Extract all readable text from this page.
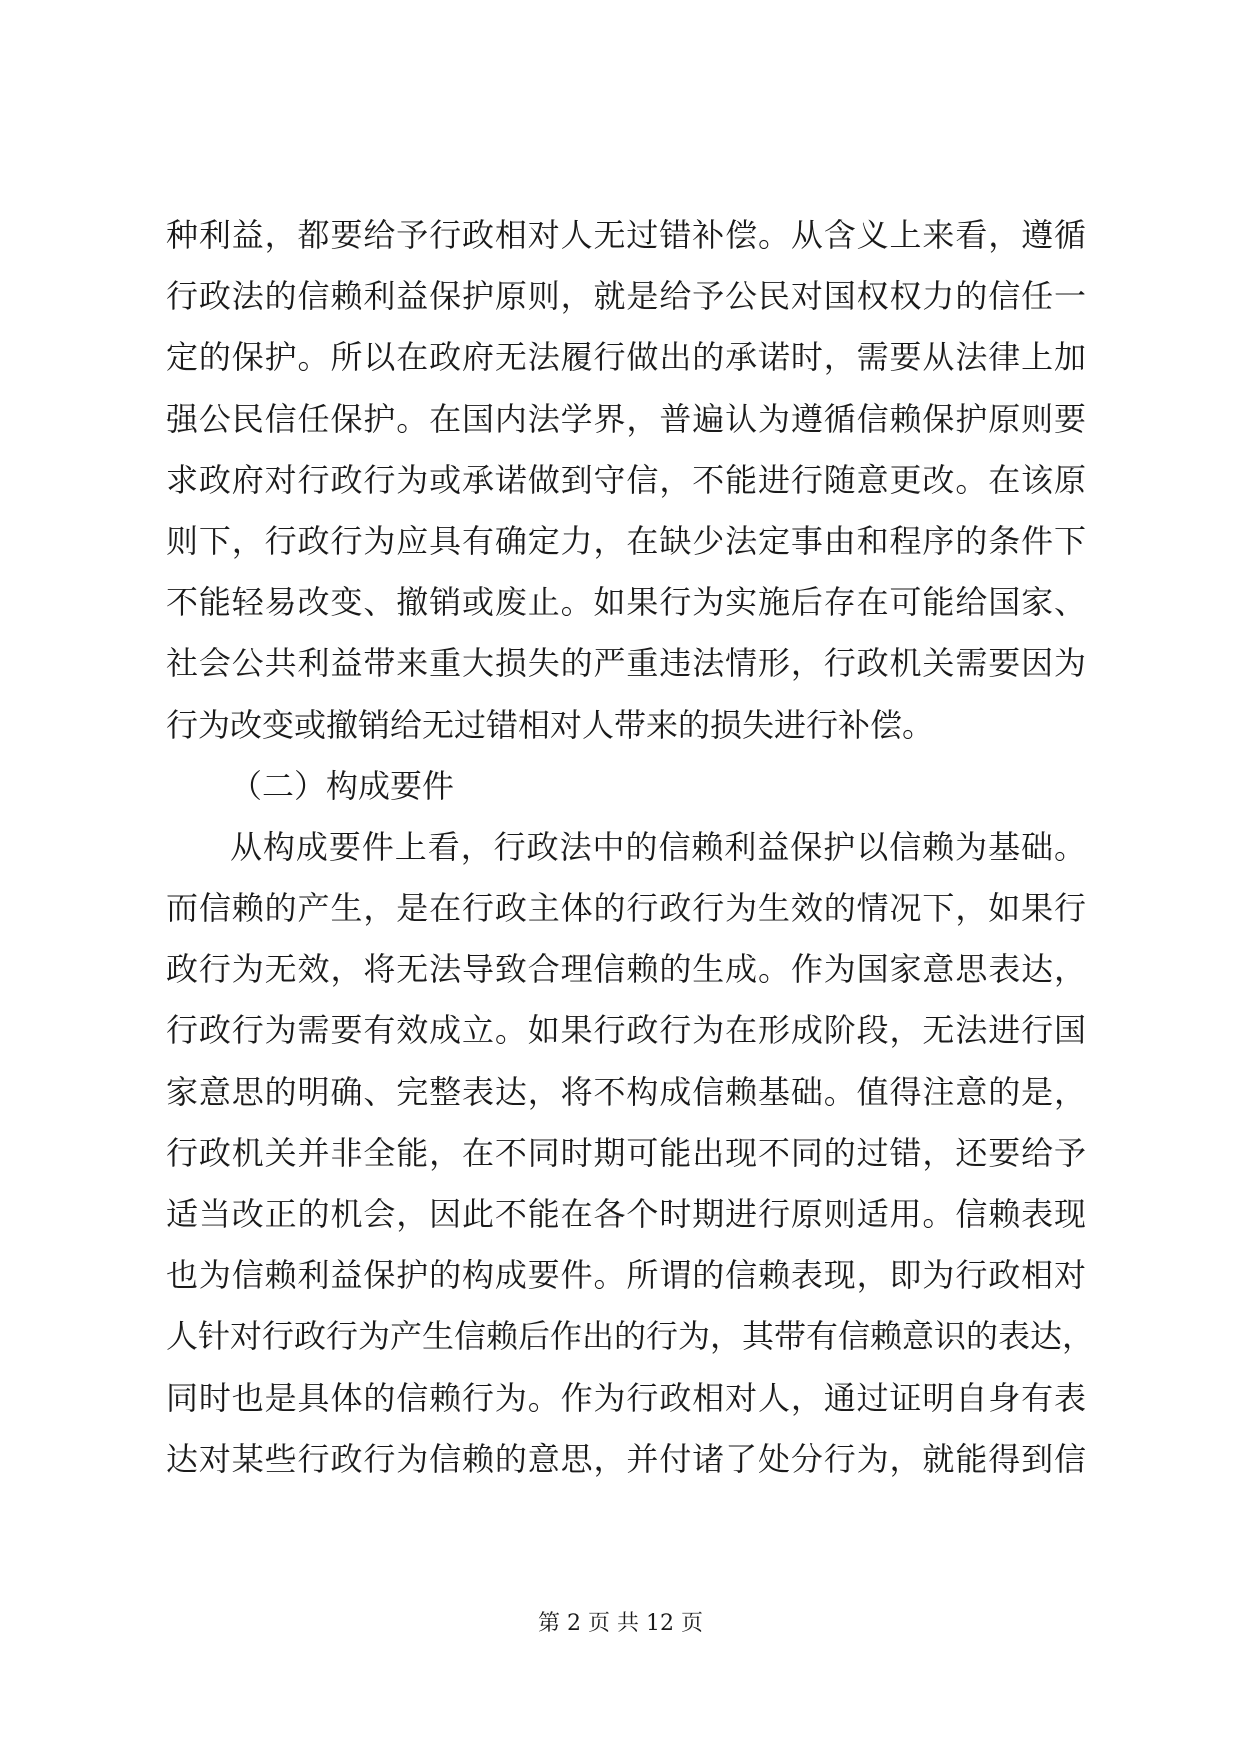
种利益，都要给予行政相对人无过错补偿。从含义上来看，遵循
行政法的信赖利益保护原则，就是给予公民对国权权力的信任一
定的保护。所以在政府无法履行做出的承诺时，需要从法律上加
强公民信任保护。在国内法学界，普遍认为遵循信赖保护原则要
求政府对行政行为或承诺做到守信，不能进行随意更改。在该原
则下，行政行为应具有确定力，在缺少法定事由和程序的条件下
不能轻易改变、撤销或废止。如果行为实施后存在可能给国家、
社会公共利益带来重大损失的严重违法情形，行政机关需要因为
行为改变或撤销给无过错相对人带来的损失进行补偿。
（二）构成要件
从构成要件上看，行政法中的信赖利益保护以信赖为基础。
而信赖的产生，是在行政主体的行政行为生效的情况下，如果行
政行为无效，将无法导致合理信赖的生成。作为国家意思表达，
行政行为需要有效成立。如果行政行为在形成阶段，无法进行国
家意思的明确、完整表达，将不构成信赖基础。值得注意的是，
行政机关并非全能，在不同时期可能出现不同的过错，还要给予
适当改正的机会，因此不能在各个时期进行原则适用。信赖表现
也为信赖利益保护的构成要件。所谓的信赖表现，即为行政相对
人针对行政行为产生信赖后作出的行为，其带有信赖意识的表达，
同时也是具体的信赖行为。作为行政相对人，通过证明自身有表
达对某些行政行为信赖的意思，并付诸了处分行为，就能得到信
第 2 页 共 12 页
